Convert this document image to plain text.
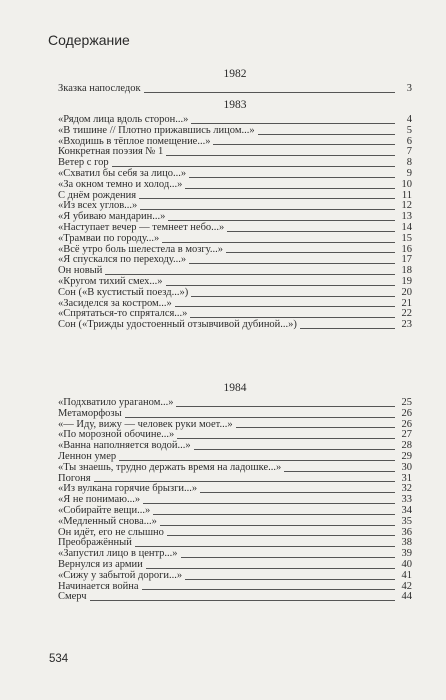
Содержание
1982
Зказка напоследок	3
1983
«Рядом лица вдоль сторон...»	4
«В тишине // Плотно прижавшись лицом...»	5
«Входишь в тёплое помещение...»	6
Конкретная поэзия № 1	7
Ветер с гор	8
«Схватил бы себя за лицо...»	9
«За окном темно и холод...»	10
С днём рождения	11
«Из всех углов...»	12
«Я убиваю мандарин...»	13
«Наступает вечер — темнеет небо...»	14
«Трамваи по городу...»	15
«Всё утро боль шелестела в мозгу...»	16
«Я спускался по переходу...»	17
Он новый	18
«Кругом тихий смех...»	19
Сон («В кустистый поезд...»)	20
«Засиделся за костром...»	21
«Спрятаться-то спрятался...»	22
Сон («Трижды удостоенный отзывчивой дубиной...»)	23
1984
«Подхватило ураганом...»	25
Метаморфозы	26
«— Иду, вижу — человек руки моет...»	26
«По морозной обочине...»	27
«Ванна наполняется водой...»	28
Леннон умер	29
«Ты знаешь, трудно держать время на ладошке...»	30
Погоня	31
«Из вулкана горячие брызги...»	32
«Я не понимаю...»	33
«Собирайте вещи...»	34
«Медленный снова...»	35
Он идёт, его не слышно	36
Преображённый	38
«Запустил лицо в центр...»	39
Вернулся из армии	40
«Сижу у забытой дороги...»	41
Начинается война	42
Смерч	44
534
